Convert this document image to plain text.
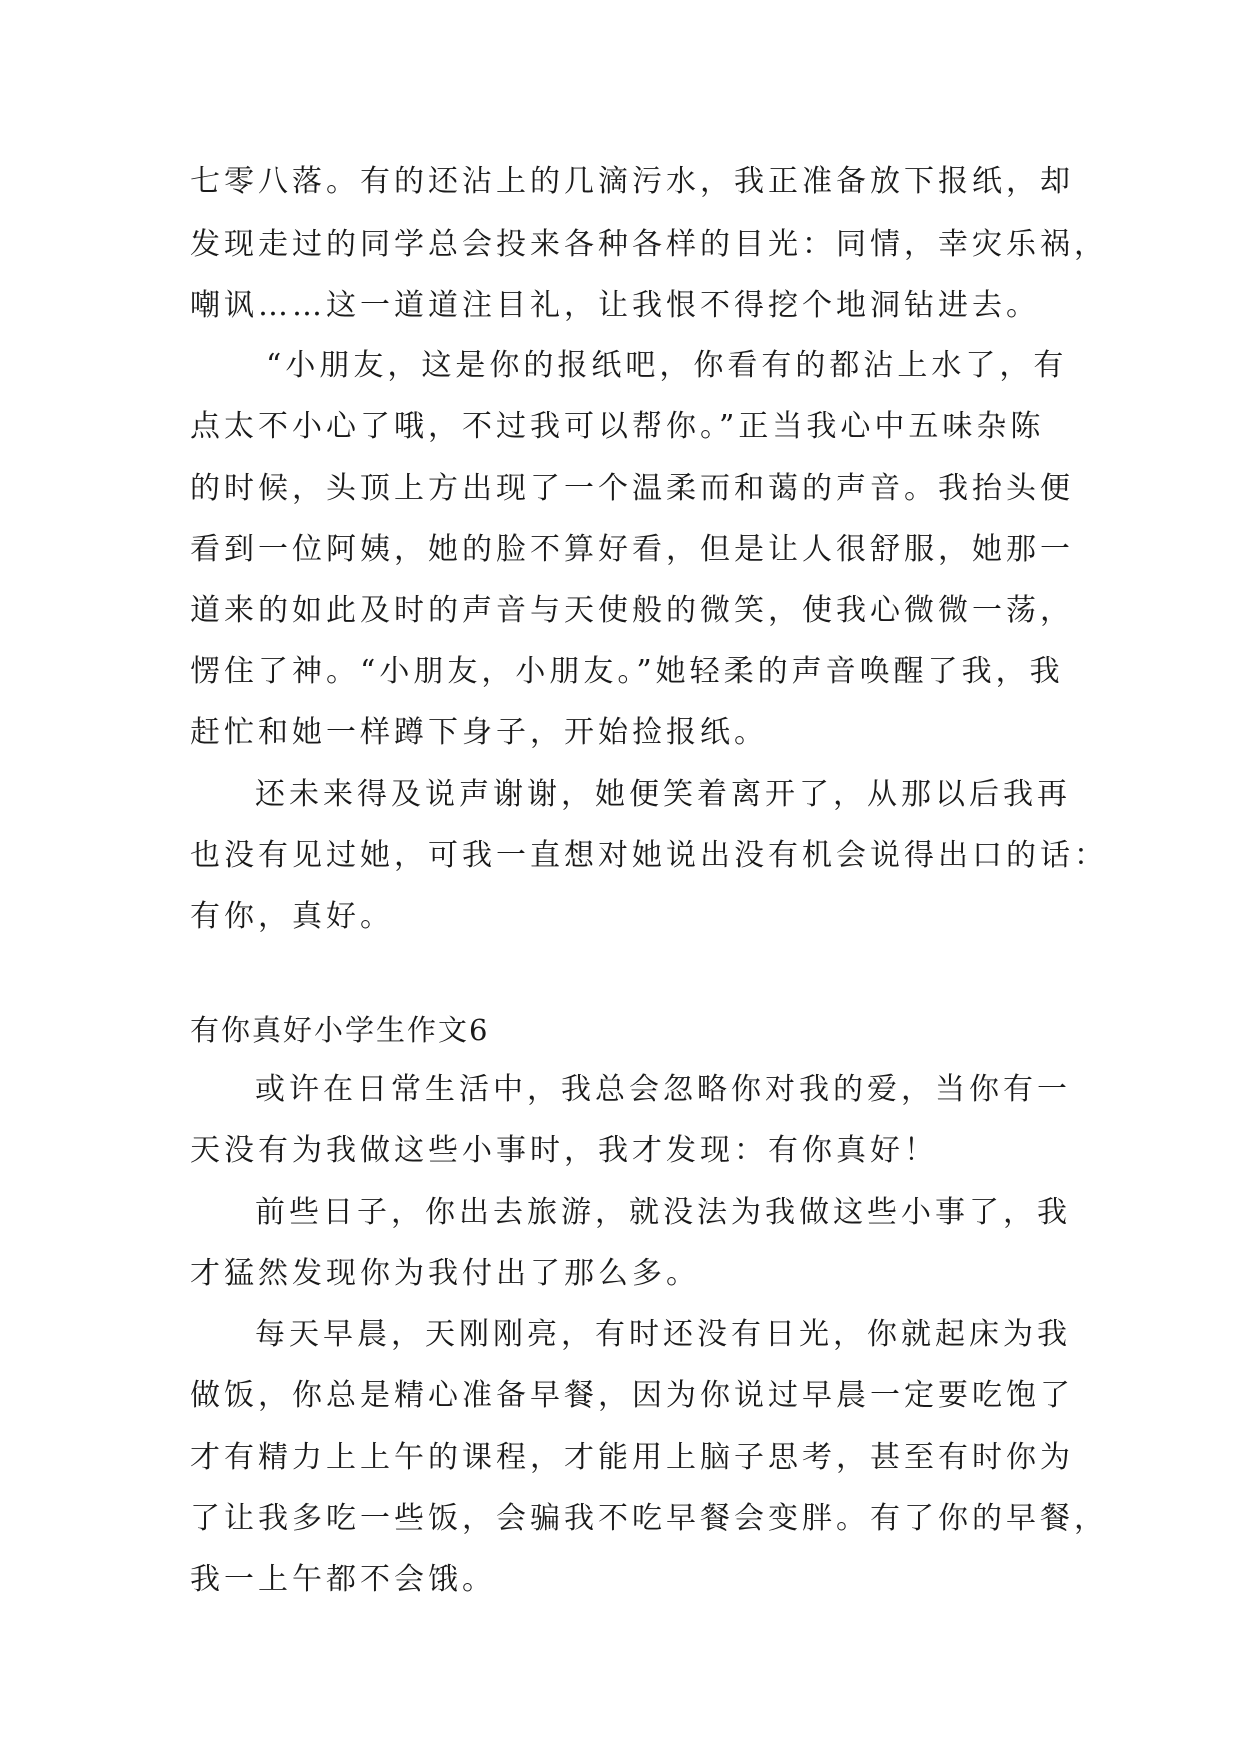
七零八落。有的还沾上的几滴污水，我正准备放下报纸，却
发现走过的同学总会投来各种各样的目光：同情，幸灾乐祸，
嘲讽……这一道道注目礼，让我恨不得挖个地洞钻进去。
“小朋友，这是你的报纸吧，你看有的都沾上水了，有
点太不小心了哦，不过我可以帮你。”正当我心中五味杂陈
的时候，头顶上方出现了一个温柔而和蔼的声音。我抬头便
看到一位阿姨，她的脸不算好看，但是让人很舒服，她那一
道来的如此及时的声音与天使般的微笑，使我心微微一荡，
愣住了神。“小朋友，小朋友。”她轻柔的声音唤醒了我，我
赶忙和她一样蹲下身子，开始捡报纸。
还未来得及说声谢谢，她便笑着离开了，从那以后我再
也没有见过她，可我一直想对她说出没有机会说得出口的话：
有你，真好。
有你真好小学生作文6
或许在日常生活中，我总会忽略你对我的爱，当你有一
天没有为我做这些小事时，我才发现：有你真好！
前些日子，你出去旅游，就没法为我做这些小事了，我
才猛然发现你为我付出了那么多。
每天早晨，天刚刚亮，有时还没有日光，你就起床为我
做饭，你总是精心准备早餐，因为你说过早晨一定要吃饱了
才有精力上上午的课程，才能用上脑子思考，甚至有时你为
了让我多吃一些饭，会骗我不吃早餐会变胖。有了你的早餐，
我一上午都不会饿。
